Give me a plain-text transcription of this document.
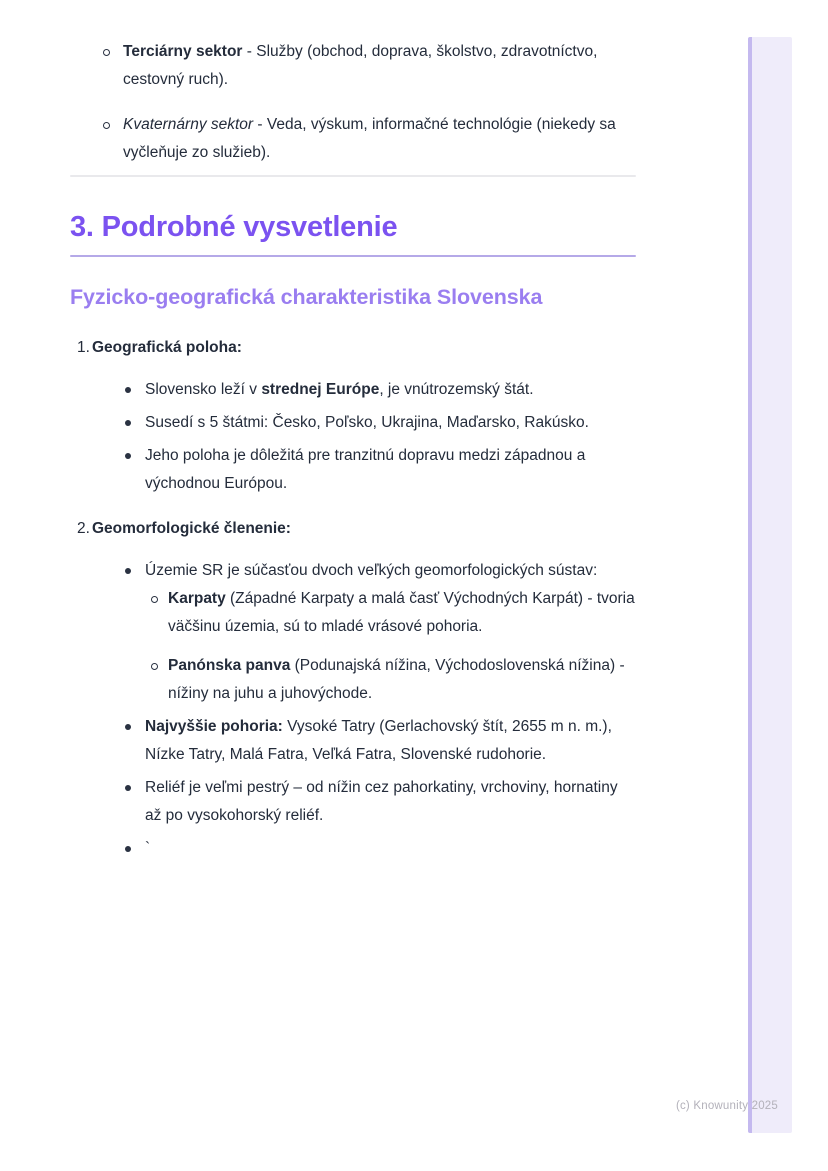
Terciárny sektor - Služby (obchod, doprava, školstvo, zdravotníctvo, cestovný ruch).

Kvaternárny sektor - Veda, výskum, informačné technológie (niekedy sa vyčleňuje zo služieb).

3. Podrobné vysvetlenie
Fyzicko-geografická charakteristika Slovenska
1. Geografická poloha:

Slovensko leží v strednej Európe, je vnútrozemský štát.

Susedí s 5 štátmi: Česko, Poľsko, Ukrajina, Maďarsko, Rakúsko.

Jeho poloha je dôležitá pre tranzitnú dopravu medzi západnou a východnou Európou.

2. Geomorfologické členenie:

Územie SR je súčasťou dvoch veľkých geomorfologických sústav:

Karpaty (Západné Karpaty a malá časť Východných Karpát) - tvoria väčšinu územia, sú to mladé vrásové pohoria.

Panónska panva (Podunajská nížina, Východoslovenská nížina) - nížiny na juhu a juhovýchode.

Najvyššie pohoria: Vysoké Tatry (Gerlachovský štít, 2655 m n. m.), Nízke Tatry, Malá Fatra, Veľká Fatra, Slovenské rudohorie.

Reliéf je veľmi pestrý – od nížin cez pahorkatiny, vrchoviny, hornatiny až po vysokohorský reliéf.

`

(c) Knowunity 2025
